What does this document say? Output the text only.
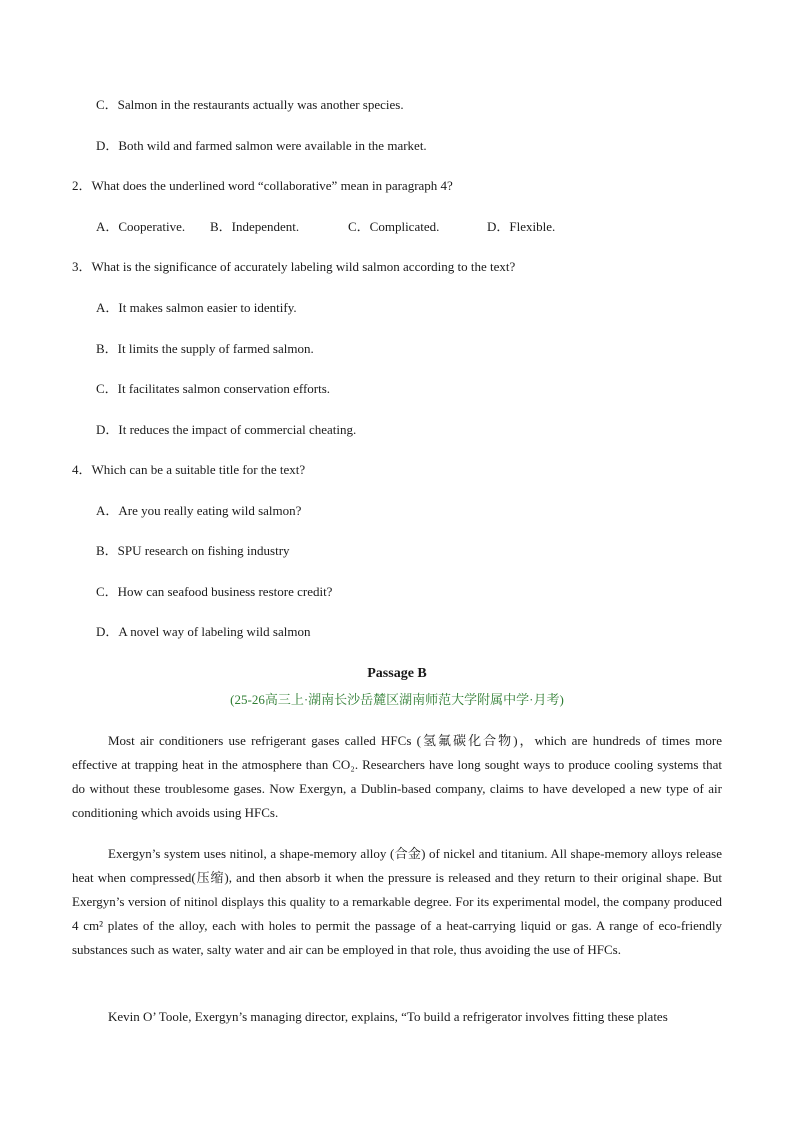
C．Salmon in the restaurants actually was another species.
D．Both wild and farmed salmon were available in the market.
2．What does the underlined word “collaborative” mean in paragraph 4?
A．Cooperative. B．Independent.	C．Complicated.	D．Flexible.
3．What is the significance of accurately labeling wild salmon according to the text?
A．It makes salmon easier to identify.
B．It limits the supply of farmed salmon.
C．It facilitates salmon conservation efforts.
D．It reduces the impact of commercial cheating.
4．Which can be a suitable title for the text?
A．Are you really eating wild salmon?
B．SPU research on fishing industry
C．How can seafood business restore credit?
D．A novel way of labeling wild salmon
Passage B
(25-26高三上·湖南长沙岳麓区湖南师范大学附属中学·月考)
Most air conditioners use refrigerant gases called HFCs (氢氟碳化合物)，which are hundreds of times more effective at trapping heat in the atmosphere than CO₂. Researchers have long sought ways to produce cooling systems that do without these troublesome gases. Now Exergyn, a Dublin-based company, claims to have developed a new type of air conditioning which avoids using HFCs.
Exergyn’s system uses nitinol, a shape-memory alloy (合金) of nickel and titanium. All shape-memory alloys release heat when compressed(压缩), and then absorb it when the pressure is released and they return to their original shape. But Exergyn’s version of nitinol displays this quality to a remarkable degree. For its experimental model, the company produced 4 cm² plates of the alloy, each with holes to permit the passage of a heat-carrying liquid or gas. A range of eco-friendly substances such as water, salty water and air can be employed in that role, thus avoiding the use of HFCs.
Kevin O’ Toole, Exergyn’s managing director, explains, “To build a refrigerator involves fitting these plates
